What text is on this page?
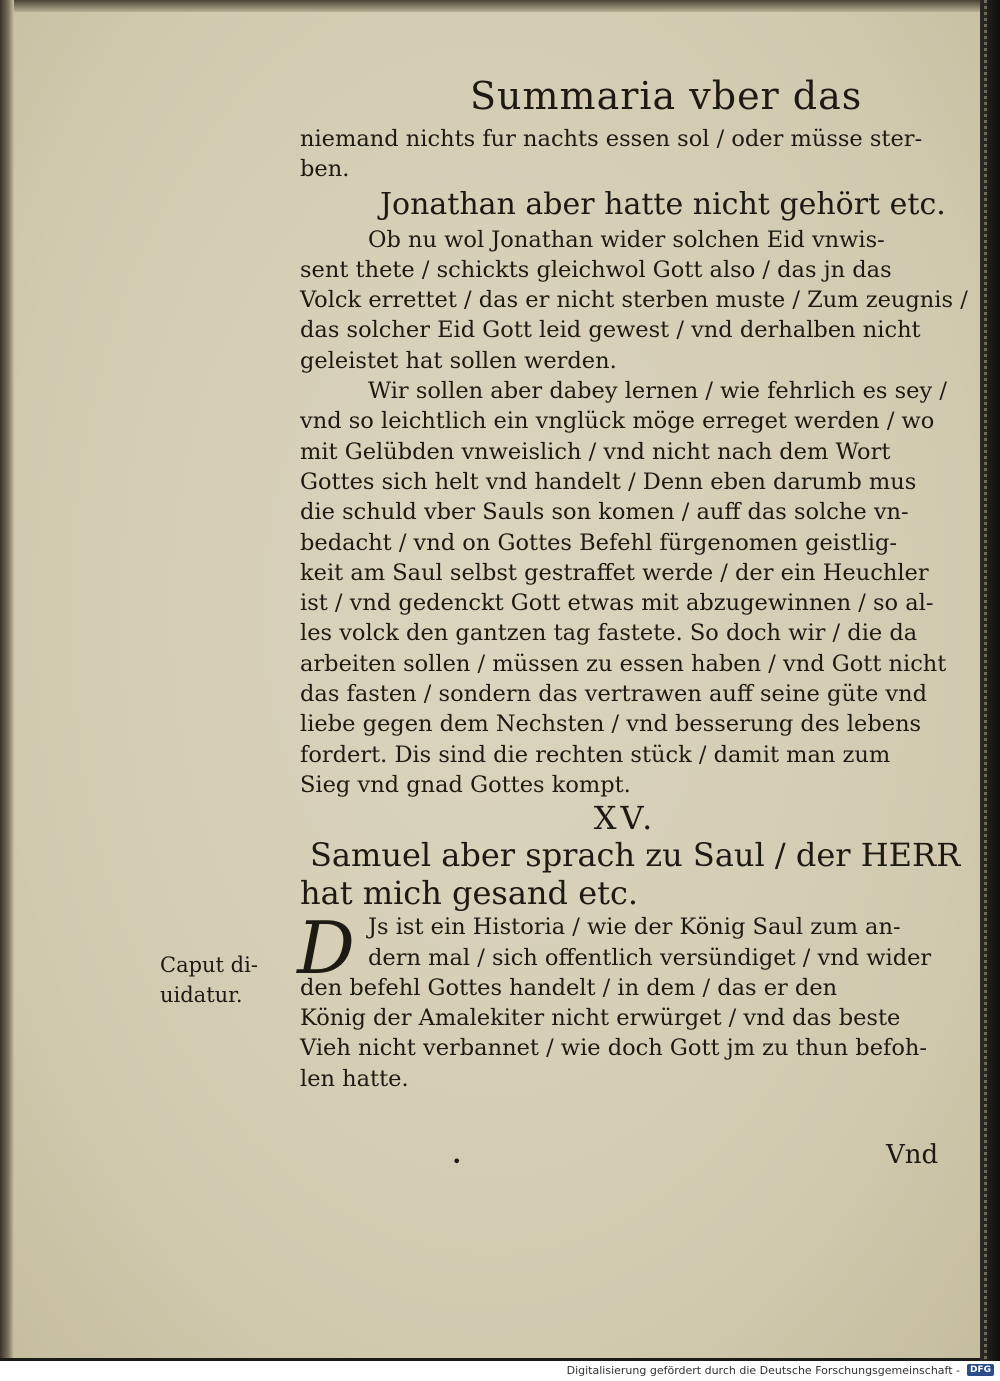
Summaria vber das
niemand nichts fur nachts essen sol / oder müsse ster-
ben.
Jonathan aber hatte nicht gehört etc.
Ob nu wol Jonathan wider solchen Eid vnwis-
sent thete / schickts gleichwol Gott also / das jn das
Volck errettet / das er nicht sterben muste / Zum zeugnis /
das solcher Eid Gott leid gewest / vnd derhalben nicht
geleistet hat sollen werden.
Wir sollen aber dabey lernen / wie fehrlich es sey /
vnd so leichtlich ein vnglück möge erreget werden / wo
mit Gelübden vnweislich / vnd nicht nach dem Wort
Gottes sich helt vnd handelt / Denn eben darumb mus
die schuld vber Sauls son komen / auff das solche vn-
bedacht / vnd on Gottes Befehl fürgenomen geistlig-
keit am Saul selbst gestraffet werde / der ein Heuchler
ist / vnd gedenckt Gott etwas mit abzugewinnen / so al-
les volck den gantzen tag fastete. So doch wir / die da
arbeiten sollen / müssen zu essen haben / vnd Gott nicht
das fasten / sondern das vertrawen auff seine güte vnd
liebe gegen dem Nechsten / vnd besserung des lebens
fordert. Dis sind die rechten stück / damit man zum
Sieg vnd gnad Gottes kompt.
XV.
Samuel aber sprach zu Saul / der HERR
hat mich gesand etc.
D Js ist ein Historia / wie der König Saul zum an-
dern mal / sich offentlich versündiget / vnd wider
den befehl Gottes handelt / in dem / das er den
König der Amalekiter nicht erwürget / vnd das beste
Vieh nicht verbannet / wie doch Gott jm zu thun befoh-
len hatte.
Caput di-
uidatur.
•	Vnd
Digitalisierung gefördert durch die Deutsche Forschungsgemeinschaft -	DFG
